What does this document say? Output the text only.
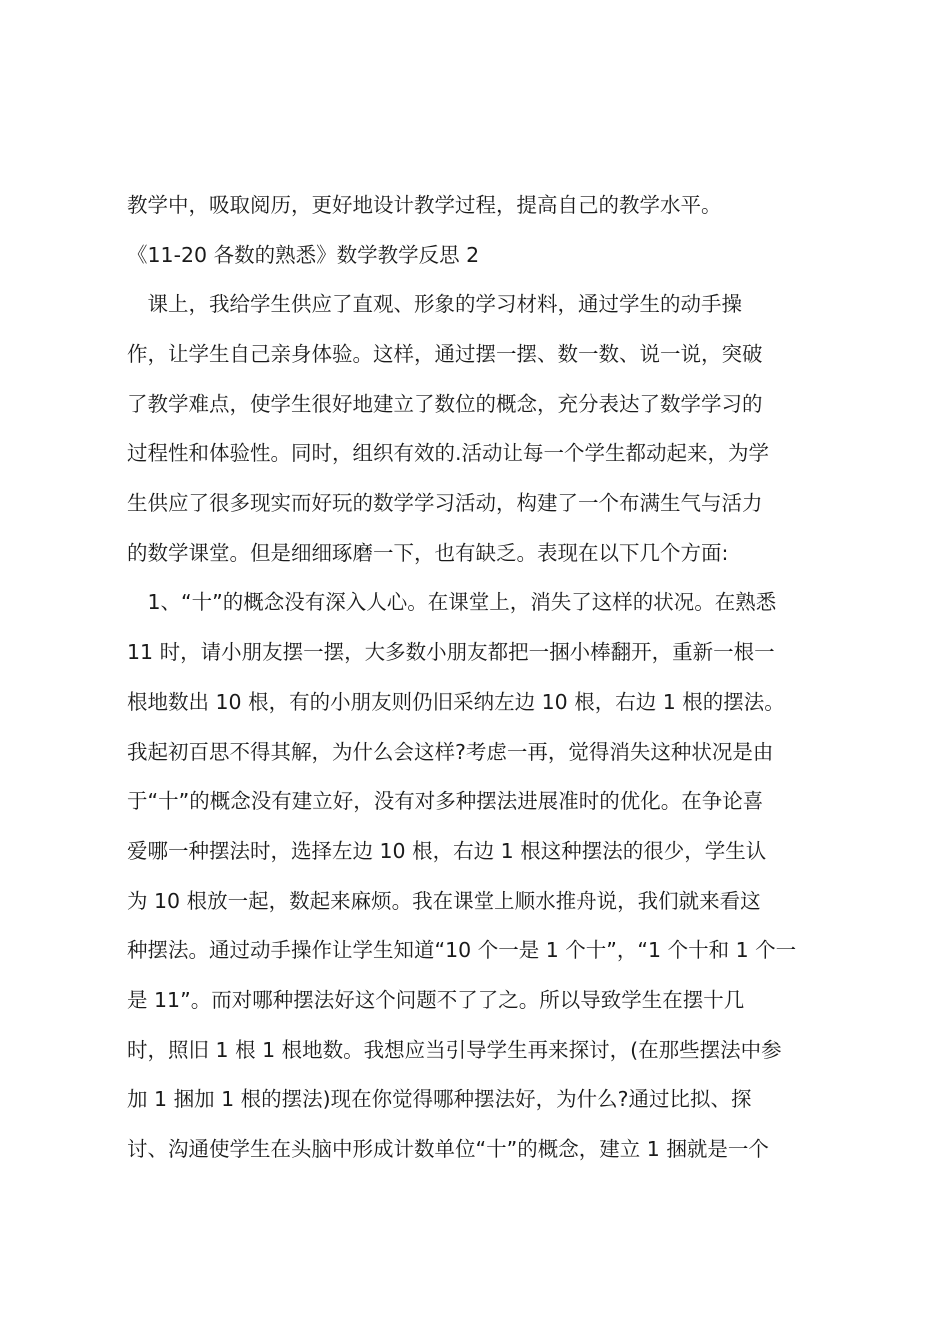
教学中，吸取阅历，更好地设计教学过程，提高自己的教学水平。
《11-20 各数的熟悉》数学教学反思 2
　课上，我给学生供应了直观、形象的学习材料，通过学生的动手操
作，让学生自己亲身体验。这样，通过摆一摆、数一数、说一说，突破
了教学难点，使学生很好地建立了数位的概念，充分表达了数学学习的
过程性和体验性。同时，组织有效的.活动让每一个学生都动起来，为学
生供应了很多现实而好玩的数学学习活动，构建了一个布满生气与活力
的数学课堂。但是细细琢磨一下，也有缺乏。表现在以下几个方面:
　1、“十”的概念没有深入人心。在课堂上，消失了这样的状况。在熟悉
11 时，请小朋友摆一摆，大多数小朋友都把一捆小棒翻开，重新一根一
根地数出 10 根，有的小朋友则仍旧采纳左边 10 根，右边 1 根的摆法。
我起初百思不得其解，为什么会这样?考虑一再，觉得消失这种状况是由
于“十”的概念没有建立好，没有对多种摆法进展准时的优化。在争论喜
爱哪一种摆法时，选择左边 10 根，右边 1 根这种摆法的很少，学生认
为 10 根放一起，数起来麻烦。我在课堂上顺水推舟说，我们就来看这
种摆法。通过动手操作让学生知道“10 个一是 1 个十”，“1 个十和 1 个一
是 11”。而对哪种摆法好这个问题不了了之。所以导致学生在摆十几
时，照旧 1 根 1 根地数。我想应当引导学生再来探讨，(在那些摆法中参
加 1 捆加 1 根的摆法)现在你觉得哪种摆法好，为什么?通过比拟、探
讨、沟通使学生在头脑中形成计数单位“十”的概念，建立 1 捆就是一个
